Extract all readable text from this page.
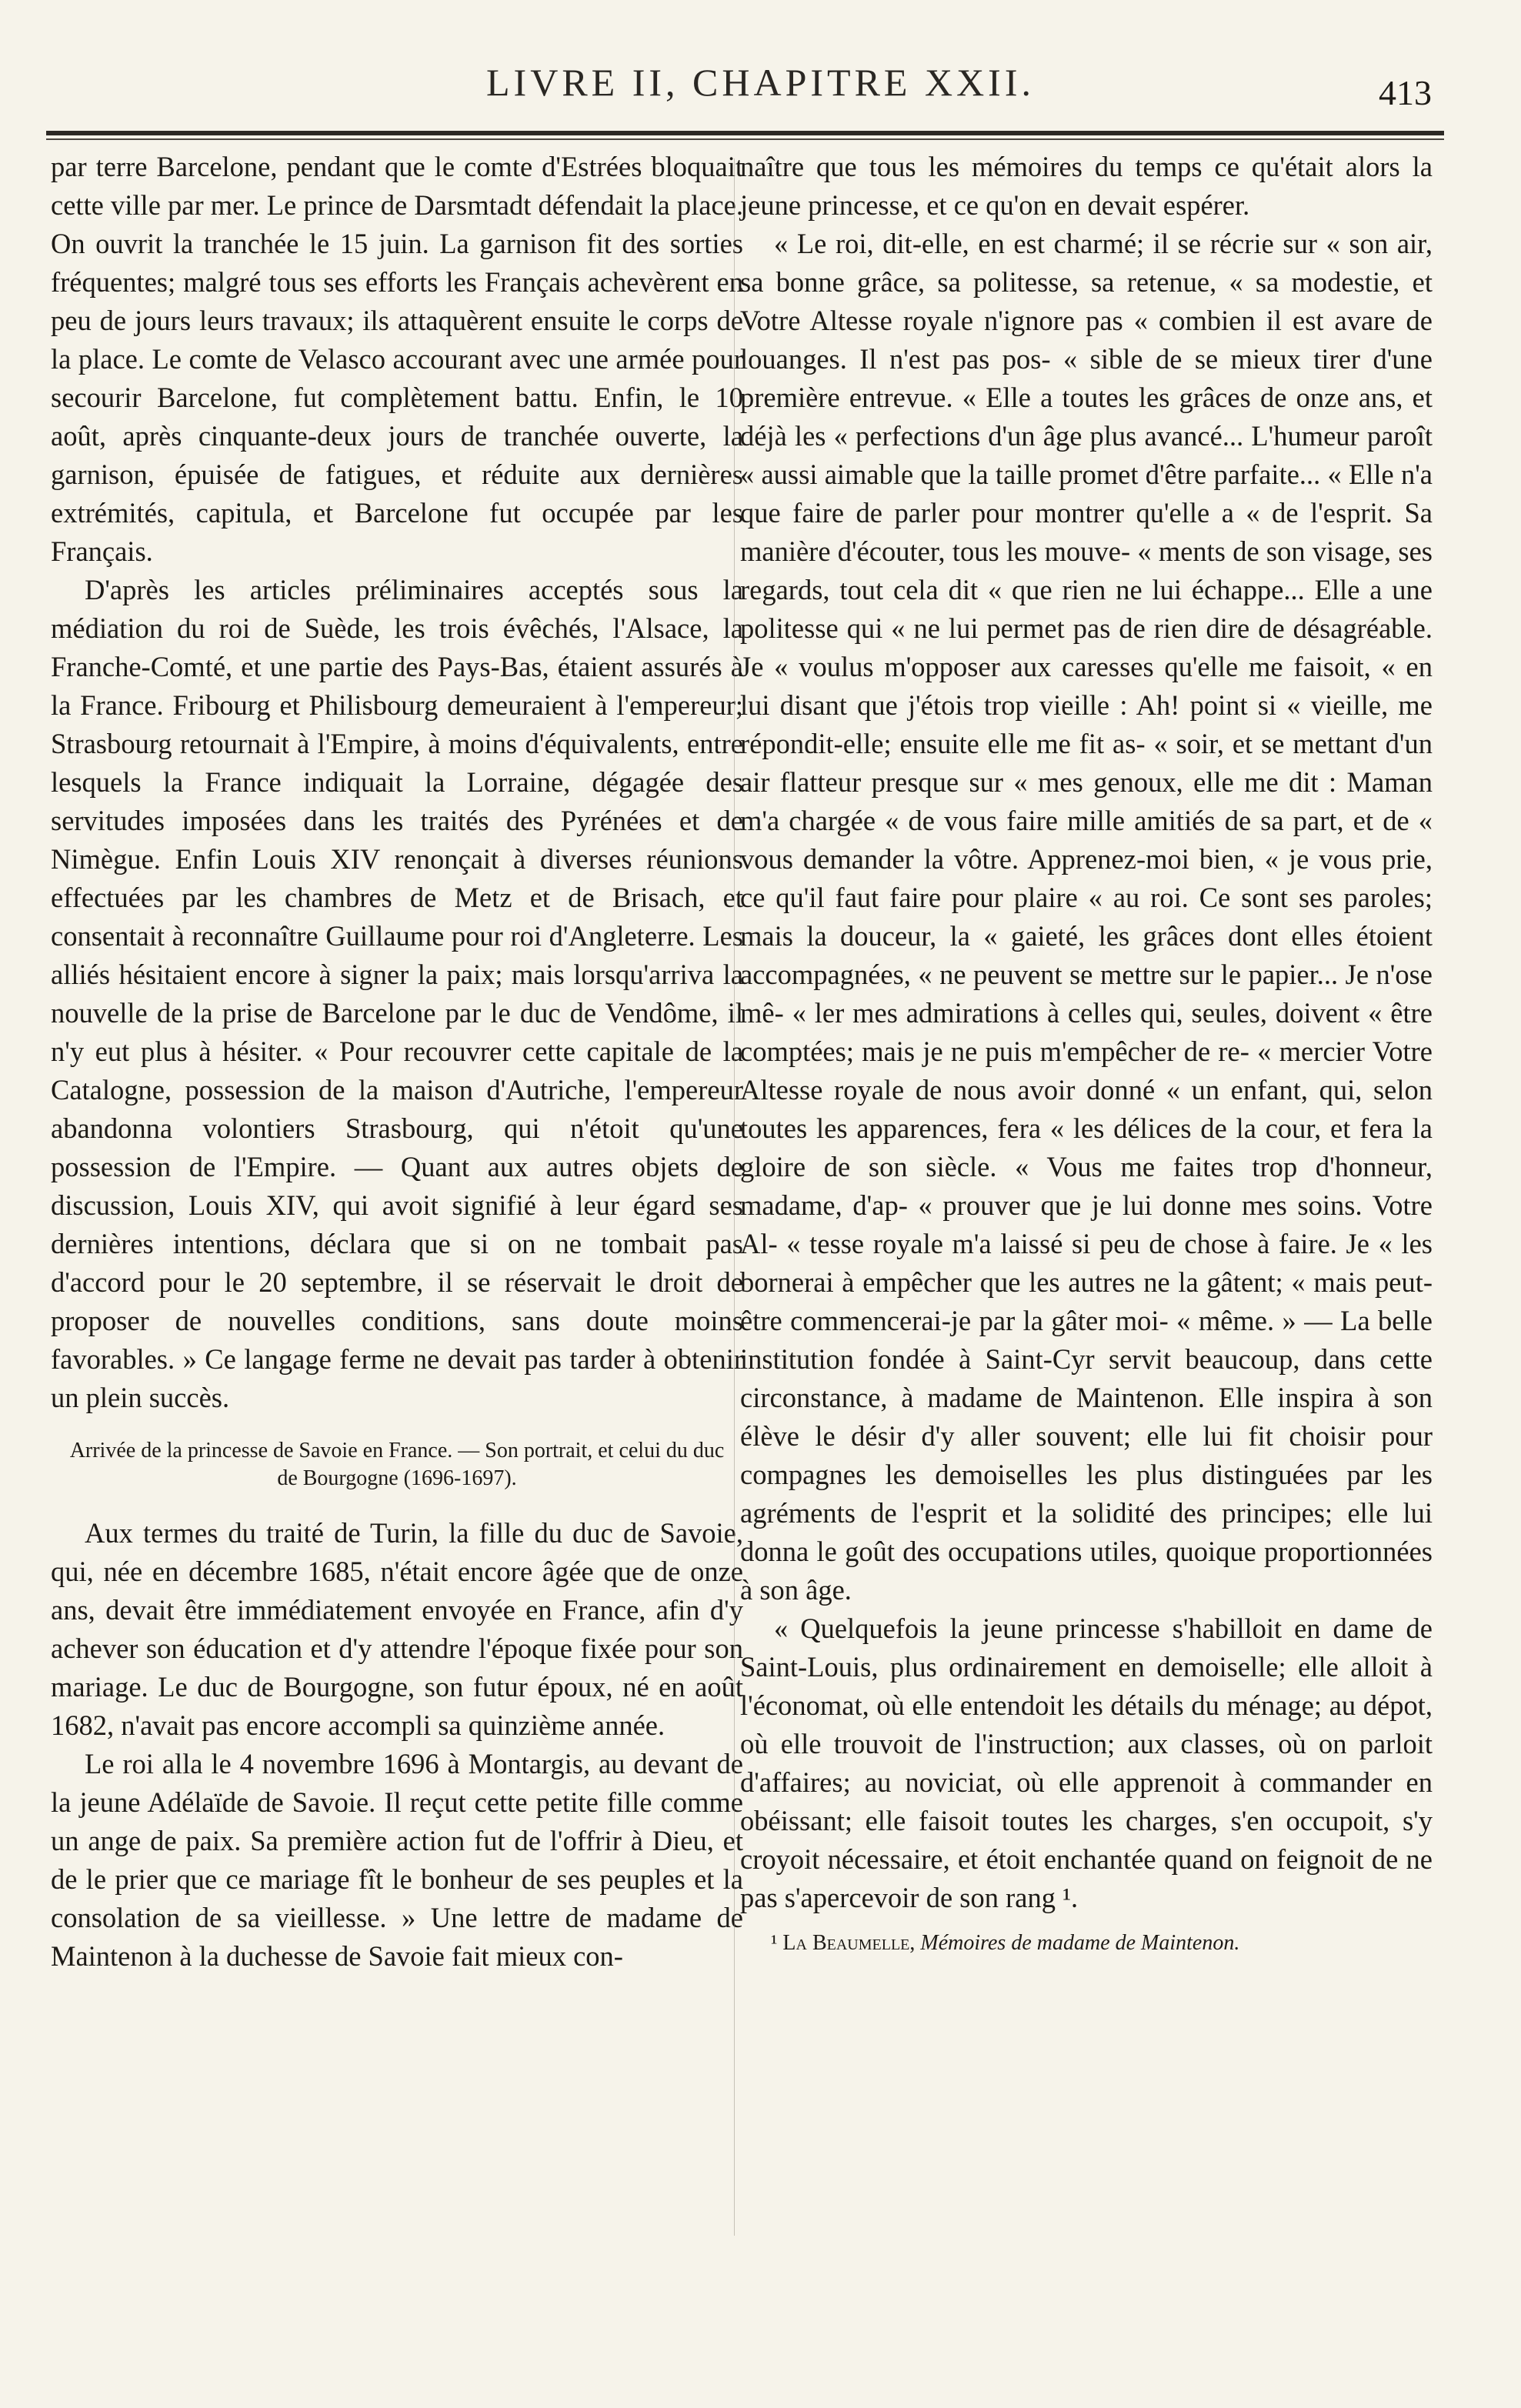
LIVRE II, CHAPITRE XXII.	413

par terre Barcelone, pendant que le comte d'Estrées bloquait cette ville par mer. Le prince de Darsmtadt défendait la place. On ouvrit la tranchée le 15 juin. La garnison fit des sorties fréquentes; malgré tous ses efforts les Français achevèrent en peu de jours leurs travaux; ils attaquèrent ensuite le corps de la place. Le comte de Velasco accourant avec une armée pour secourir Barcelone, fut complètement battu. Enfin, le 10 août, après cinquante-deux jours de tranchée ouverte, la garnison, épuisée de fatigues, et réduite aux dernières extrémités, capitula, et Barcelone fut occupée par les Français.

D'après les articles préliminaires acceptés sous la médiation du roi de Suède, les trois évêchés, l'Alsace, la Franche-Comté, et une partie des Pays-Bas, étaient assurés à la France. Fribourg et Philisbourg demeuraient à l'empereur; Strasbourg retournait à l'Empire, à moins d'équivalents, entre lesquels la France indiquait la Lorraine, dégagée des servitudes imposées dans les traités des Pyrénées et de Nimègue. Enfin Louis XIV renonçait à diverses réunions effectuées par les chambres de Metz et de Brisach, et consentait à reconnaître Guillaume pour roi d'Angleterre. Les alliés hésitaient encore à signer la paix; mais lorsqu'arriva la nouvelle de la prise de Barcelone par le duc de Vendôme, il n'y eut plus à hésiter. « Pour recouvrer cette capitale de la Catalogne, possession de la maison d'Autriche, l'empereur abandonna volontiers Strasbourg, qui n'étoit qu'une possession de l'Empire. — Quant aux autres objets de discussion, Louis XIV, qui avoit signifié à leur égard ses dernières intentions, déclara que si on ne tombait pas d'accord pour le 20 septembre, il se réservait le droit de proposer de nouvelles conditions, sans doute moins favorables. » Ce langage ferme ne devait pas tarder à obtenir un plein succès.

Arrivée de la princesse de Savoie en France. — Son portrait, et celui du duc de Bourgogne (1696-1697).

Aux termes du traité de Turin, la fille du duc de Savoie, qui, née en décembre 1685, n'était encore âgée que de onze ans, devait être immédiatement envoyée en France, afin d'y achever son éducation et d'y attendre l'époque fixée pour son mariage. Le duc de Bourgogne, son futur époux, né en août 1682, n'avait pas encore accompli sa quinzième année.

Le roi alla le 4 novembre 1696 à Montargis, au devant de la jeune Adélaïde de Savoie. Il reçut cette petite fille comme un ange de paix. Sa première action fut de l'offrir à Dieu, et de le prier que ce mariage fît le bonheur de ses peuples et la consolation de sa vieillesse. » Une lettre de madame de Maintenon à la duchesse de Savoie fait mieux con-

naître que tous les mémoires du temps ce qu'était alors la jeune princesse, et ce qu'on en devait espérer.

« Le roi, dit-elle, en est charmé; il se récrie sur « son air, sa bonne grâce, sa politesse, sa retenue, « sa modestie, et Votre Altesse royale n'ignore pas « combien il est avare de louanges. Il n'est pas pos- « sible de se mieux tirer d'une première entrevue. « Elle a toutes les grâces de onze ans, et déjà les « perfections d'un âge plus avancé... L'humeur paroît « aussi aimable que la taille promet d'être parfaite... « Elle n'a que faire de parler pour montrer qu'elle a « de l'esprit. Sa manière d'écouter, tous les mouve- « ments de son visage, ses regards, tout cela dit « que rien ne lui échappe... Elle a une politesse qui « ne lui permet pas de rien dire de désagréable. Je « voulus m'opposer aux caresses qu'elle me faisoit, « en lui disant que j'étois trop vieille : Ah! point si « vieille, me répondit-elle; ensuite elle me fit as- « soir, et se mettant d'un air flatteur presque sur « mes genoux, elle me dit : Maman m'a chargée « de vous faire mille amitiés de sa part, et de « vous demander la vôtre. Apprenez-moi bien, « je vous prie, ce qu'il faut faire pour plaire « au roi. Ce sont ses paroles; mais la douceur, la « gaieté, les grâces dont elles étoient accompagnées, « ne peuvent se mettre sur le papier... Je n'ose mê- « ler mes admirations à celles qui, seules, doivent « être comptées; mais je ne puis m'empêcher de re- « mercier Votre Altesse royale de nous avoir donné « un enfant, qui, selon toutes les apparences, fera « les délices de la cour, et fera la gloire de son siècle. « Vous me faites trop d'honneur, madame, d'ap- « prouver que je lui donne mes soins. Votre Al- « tesse royale m'a laissé si peu de chose à faire. Je « les bornerai à empêcher que les autres ne la gâtent; « mais peut-être commencerai-je par la gâter moi- « même. » — La belle institution fondée à Saint-Cyr servit beaucoup, dans cette circonstance, à madame de Maintenon. Elle inspira à son élève le désir d'y aller souvent; elle lui fit choisir pour compagnes les demoiselles les plus distinguées par les agréments de l'esprit et la solidité des principes; elle lui donna le goût des occupations utiles, quoique proportionnées à son âge.

« Quelquefois la jeune princesse s'habilloit en dame de Saint-Louis, plus ordinairement en demoiselle; elle alloit à l'économat, où elle entendoit les détails du ménage; au dépot, où elle trouvoit de l'instruction; aux classes, où on parloit d'affaires; au noviciat, où elle apprenoit à commander en obéissant; elle faisoit toutes les charges, s'en occupoit, s'y croyoit nécessaire, et étoit enchantée quand on feignoit de ne pas s'apercevoir de son rang ¹.

¹ La Beaumelle, Mémoires de madame de Maintenon.
